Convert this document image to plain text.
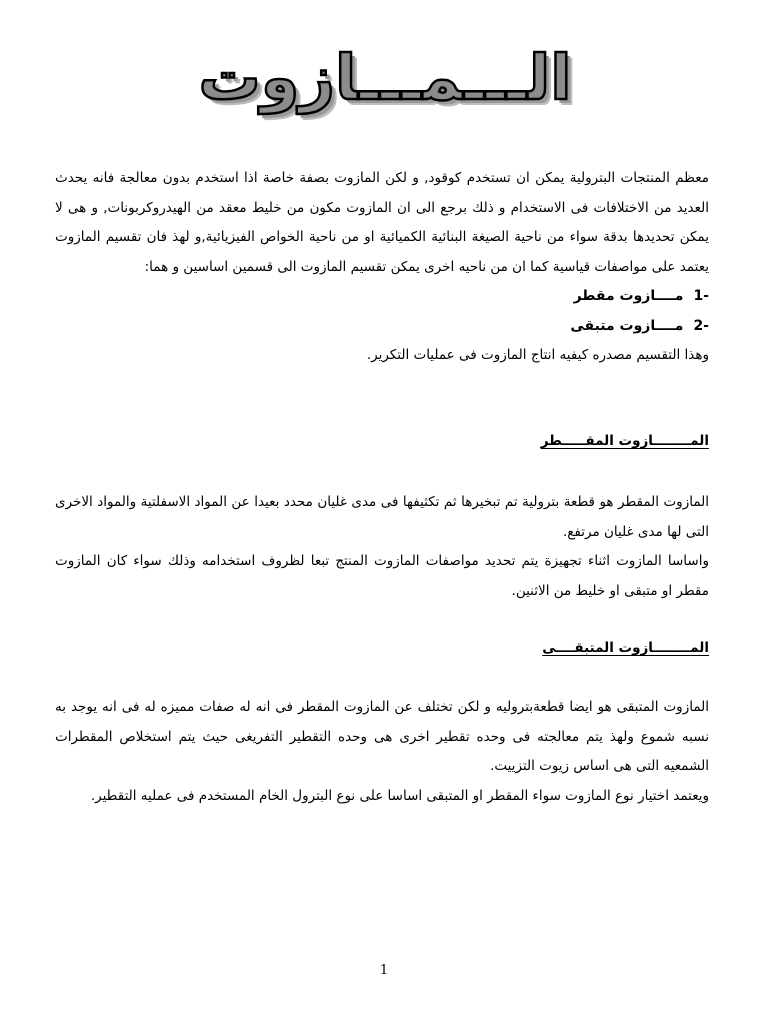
الـــمـــازوت

معظم المنتجات البترولية يمكن ان تستخدم كوقود, و لكن المازوت بصفة خاصة اذا استخدم بدون معالجة فانه يحدث العديد من الاختلافات فى الاستخدام و ذلك برجع الى ان المازوت مكون من خليط معقد من الهيدروكربونات, و هى لا يمكن تحديدها بدقة سواء من ناحية الصيغة البنائية الكميائية او من ناحية الخواص الفيزيائية,و لهذ فان تقسيم المازوت يعتمد على مواصفات قياسية كما ان من ناحيه اخرى يمكن تقسيم المازوت الى قسمين اساسين و هما:

1-مــــازوت مقطر

2-مــــازوت متبقى

وهذا التقسيم مصدره كيفيه انتاج المازوت فى عمليات التكرير.

المــــــــازوت المقـــــطر

المازوت المقطر هو قطعة بترولية تم تبخيرها ثم تكثيفها فى مدى غليان محدد بعيدا عن المواد الاسفلتية والمواد الاخرى التى لها مدى غليان مرتفع.

واساسا المازوت اثناء تجهيزة يتم تحديد مواصفات المازوت المنتج تبعا لظروف استخدامه وذلك سواء كان المازوت مقطر او متبقى او خليط من الاثنين.

المــــــــازوت المتبقــــى

المازوت المتبقى هو ايضا قطعةبتروليه و لكن تختلف عن المازوت المقطر فى انه له صفات مميزه له فى انه يوجد به نسبه شموع ولهذ يتم معالجته فى وحده تقطير اخرى هى وحده التقطير التفريغى حيث يتم استخلاص المقطرات الشمعيه التى هى اساس زيوت التزييت.

ويعتمد اختيار نوع المازوت سواء المقطر او المتبقى اساسا على نوع البترول الخام المستخدم فى عمليه التقطير.

1
